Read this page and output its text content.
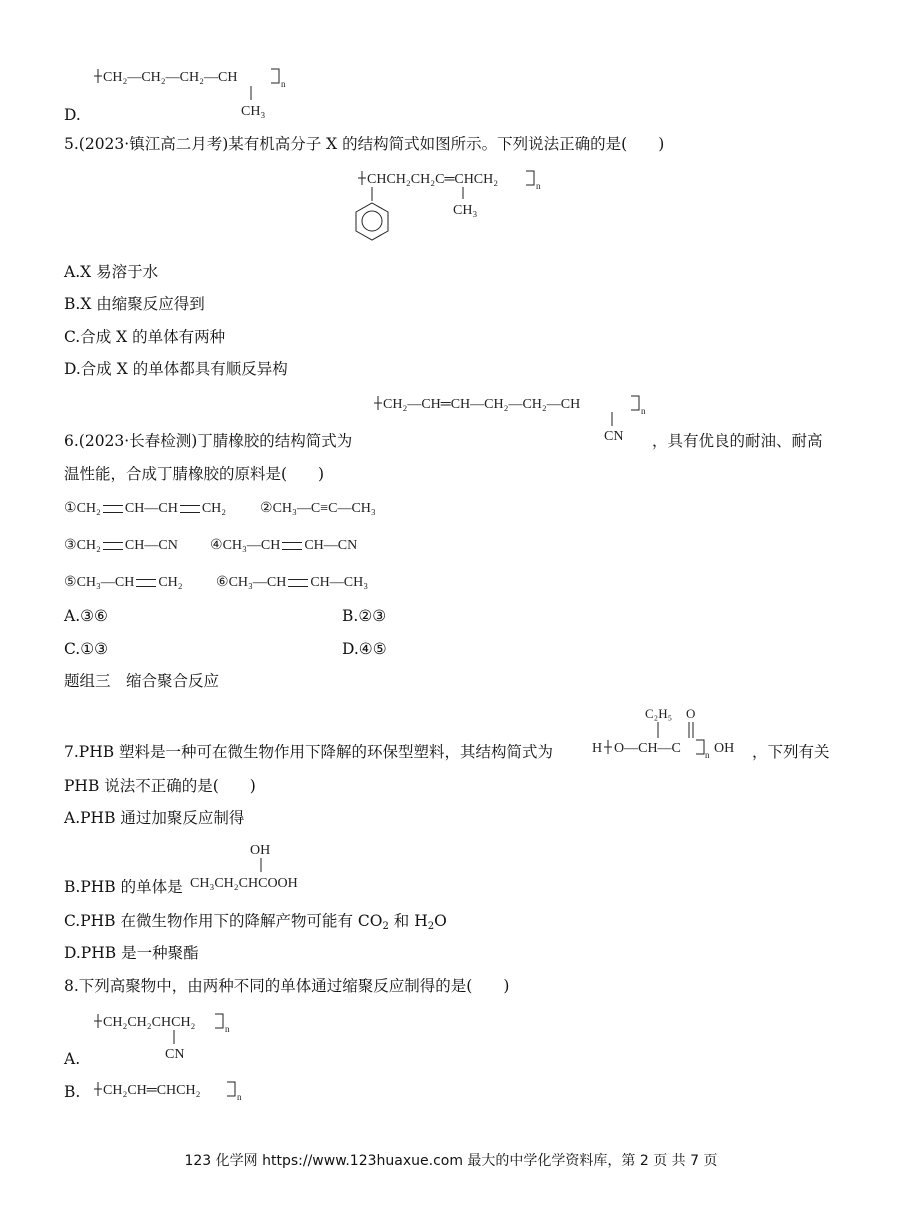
CH₂—CH₂—CH₂—CH	n
CH₃
D.
5.(2023·镇江高二月考)某有机高分子 X 的结构简式如图所示。下列说法正确的是(　　)
CHCH₂CH₂C═CHCH₂	n
CH₃
A.X 易溶于水
B.X 由缩聚反应得到
C.合成 X 的单体有两种
D.合成 X 的单体都具有顺反异构
CH₂—CH═CH—CH₂—CH₂—CH	n
CN
6.(2023·长春检测)丁腈橡胶的结构简式为	，具有优良的耐油、耐高
温性能，合成丁腈橡胶的原料是(　　)
①CH₂ CH—CH CH₂ ②CH₃—C≡C—CH₃
③CH₂ CH—CN ④CH₃—CH CH—CN
⑤CH₃—CH CH₂ ⑥CH₃—CH CH—CH₃
A.③⑥	B.②③
C.①③	D.④⑤
题组三　缩合聚合反应
H O—CH—C	n OH
C₂H₅ O
7.PHB 塑料是一种可在微生物作用下降解的环保型塑料，其结构简式为	，下列有关
PHB 说法不正确的是(　　)
A.PHB 通过加聚反应制得
B.PHB 的单体是
OH
CH₃CH₂CHCOOH
C.PHB 在微生物作用下的降解产物可能有 $CO_2$ 和 $H_2O$
D.PHB 是一种聚酯
8.下列高聚物中，由两种不同的单体通过缩聚反应制得的是(　　)
CH₂CH₂CHCH₂	n
CN
A.
B. CH₂CH═CHCH₂	n
123 化学网 https://www.123huaxue.com 最大的中学化学资料库，第 2 页 共 7 页
